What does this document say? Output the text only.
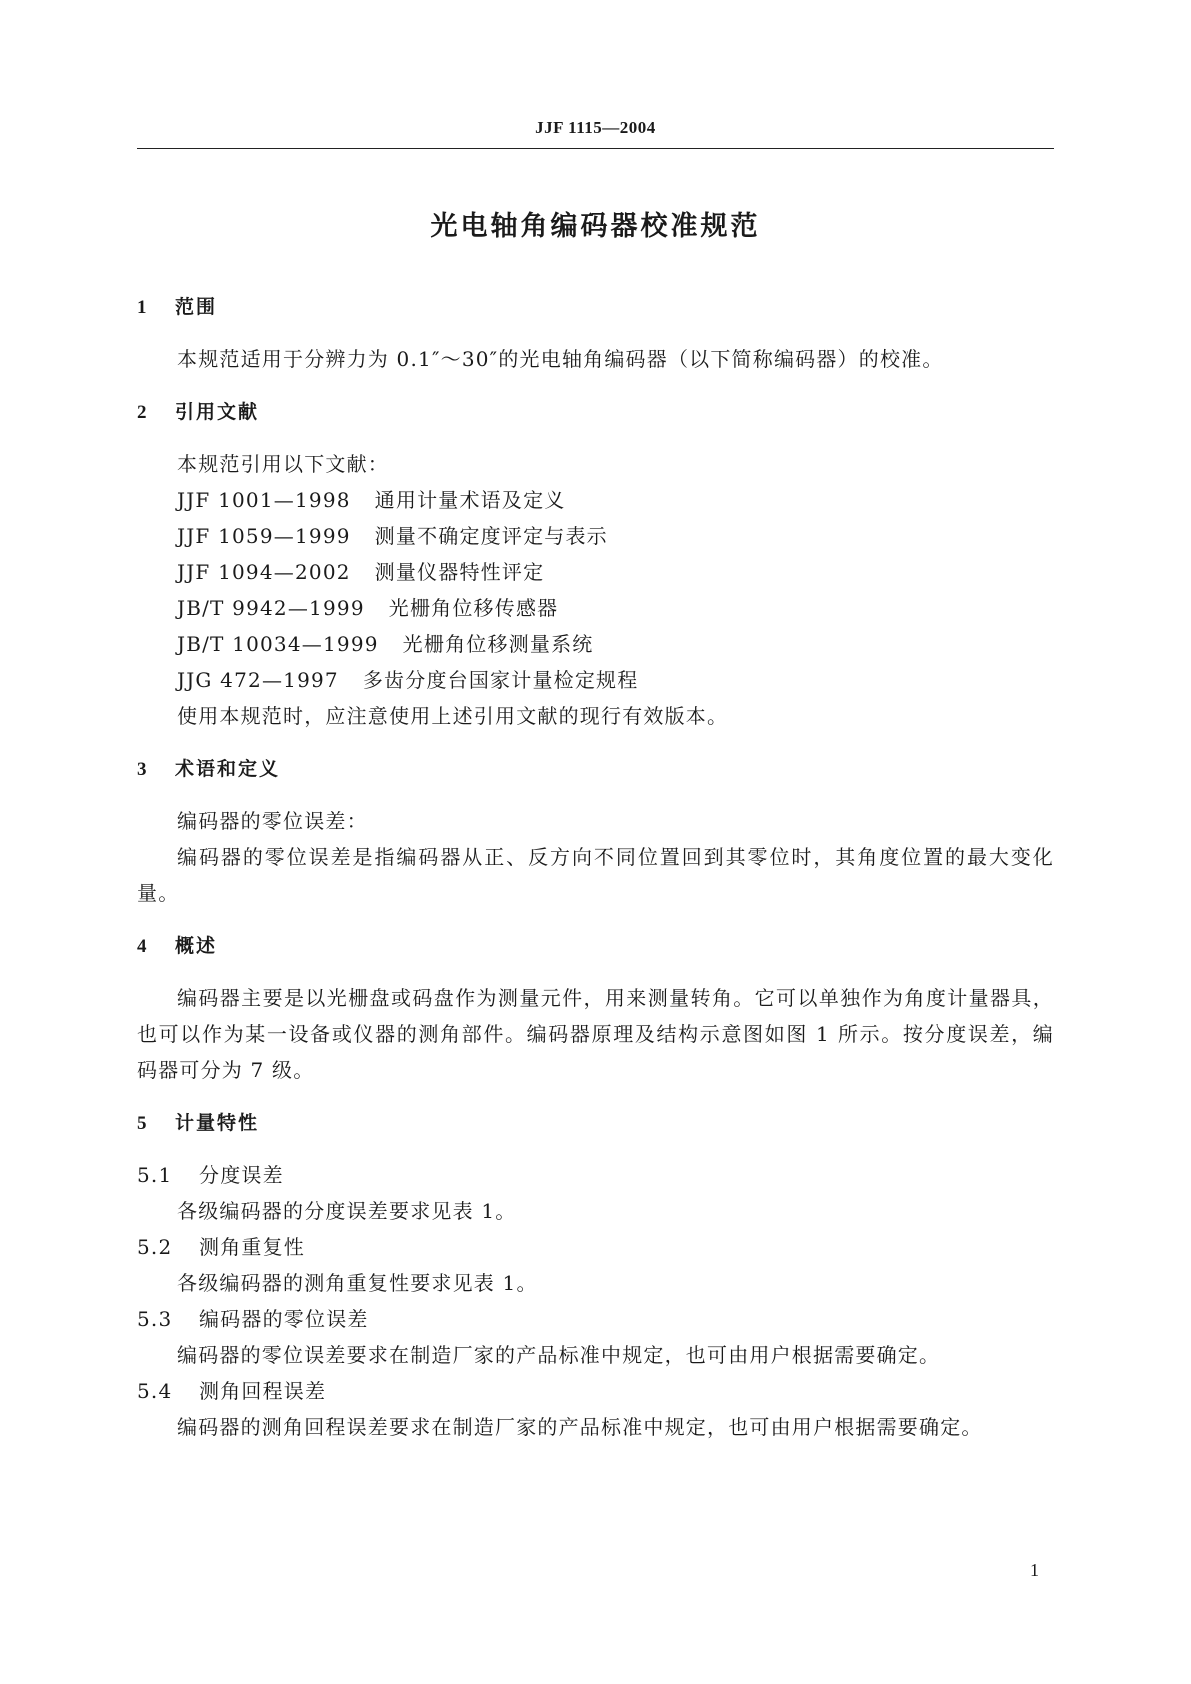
JJF 1115—2004
光电轴角编码器校准规范
1 范围

本规范适用于分辨力为 0.1″～30″的光电轴角编码器（以下简称编码器）的校准。

2 引用文献
本规范引用以下文献：
JJF 1001—1998 通用计量术语及定义
JJF 1059—1999 测量不确定度评定与表示
JJF 1094—2002 测量仪器特性评定
JB/T 9942—1999 光栅角位移传感器
JB/T 10034—1999 光栅角位移测量系统
JJG 472—1997 多齿分度台国家计量检定规程
使用本规范时，应注意使用上述引用文献的现行有效版本。
3 术语和定义
编码器的零位误差：

编码器的零位误差是指编码器从正、反方向不同位置回到其零位时，其角度位置的最大变化量。

4 概述

编码器主要是以光栅盘或码盘作为测量元件，用来测量转角。它可以单独作为角度计量器具，也可以作为某一设备或仪器的测角部件。编码器原理及结构示意图如图 1 所示。按分度误差，编码器可分为 7 级。

5 计量特性
5.1 分度误差

各级编码器的分度误差要求见表 1。

5.2 测角重复性

各级编码器的测角重复性要求见表 1。

5.3 编码器的零位误差

编码器的零位误差要求在制造厂家的产品标准中规定，也可由用户根据需要确定。

5.4 测角回程误差

编码器的测角回程误差要求在制造厂家的产品标准中规定，也可由用户根据需要确定。

1
